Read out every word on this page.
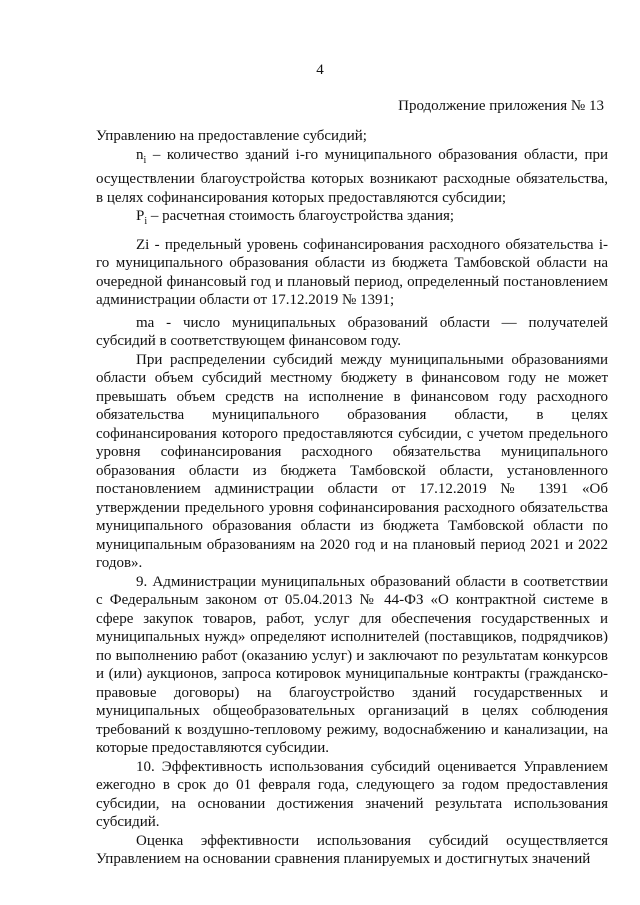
4
Продолжение приложения № 13

Управлению на предоставление субсидий;

$n_i$ – количество зданий i-го муниципального образования области, при осуществлении благоустройства которых возникают расходные обязательства, в целях софинансирования которых предоставляются субсидии;

$P_i$ – расчетная стоимость благоустройства здания;

Zi - предельный уровень софинансирования расходного обязательства i-го муниципального образования области из бюджета Тамбовской области на очередной финансовый год и плановый период, определенный постановлением администрации области от 17.12.2019 № 1391;

ma - число муниципальных образований области — получателей субсидий в соответствующем финансовом году.

При распределении субсидий между муниципальными образованиями области объем субсидий местному бюджету в финансовом году не может превышать объем средств на исполнение в финансовом году расходного обязательства муниципального образования области, в целях софинансирования которого предоставляются субсидии, с учетом предельного уровня софинансирования расходного обязательства муниципального образования области из бюджета Тамбовской области, установленного постановлением администрации области от 17.12.2019 № 1391 «Об утверждении предельного уровня софинансирования расходного обязательства муниципального образования области из бюджета Тамбовской области по муниципальным образованиям на 2020 год и на плановый период 2021 и 2022 годов».

9. Администрации муниципальных образований области в соответствии с Федеральным законом от 05.04.2013 № 44-ФЗ «О контрактной системе в сфере закупок товаров, работ, услуг для обеспечения государственных и муниципальных нужд» определяют исполнителей (поставщиков, подрядчиков) по выполнению работ (оказанию услуг) и заключают по результатам конкурсов и (или) аукционов, запроса котировок муниципальные контракты (гражданско-правовые договоры) на благоустройство зданий государственных и муниципальных общеобразовательных организаций в целях соблюдения требований к воздушно-тепловому режиму, водоснабжению и канализации, на которые предоставляются субсидии.

10. Эффективность использования субсидий оценивается Управлением ежегодно в срок до 01 февраля года, следующего за годом предоставления субсидии, на основании достижения значений результата использования субсидий.

Оценка эффективности использования субсидий осуществляется Управлением на основании сравнения планируемых и достигнутых значений
